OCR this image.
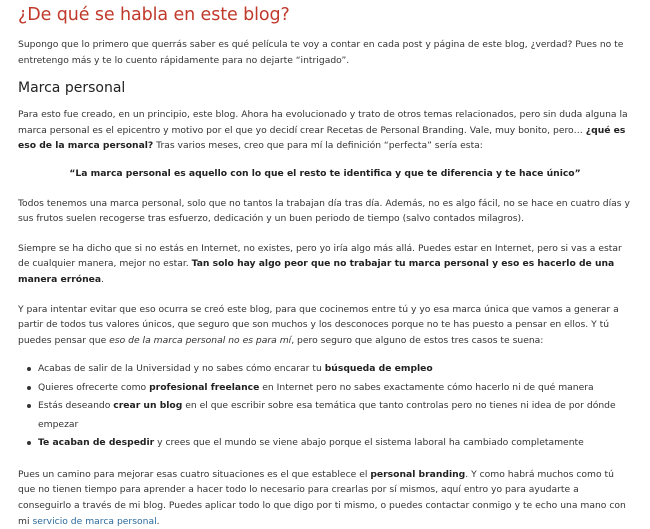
¿De qué se habla en este blog?

Supongo que lo primero que querrás saber es qué película te voy a contar en cada post y página de este blog, ¿verdad? Pues no te entretengo más y te lo cuento rápidamente para no dejarte “intrigado”.

Marca personal

Para esto fue creado, en un principio, este blog. Ahora ha evolucionado y trato de otros temas relacionados, pero sin duda alguna la marca personal es el epicentro y motivo por el que yo decidí crear Recetas de Personal Branding. Vale, muy bonito, pero… ¿qué es eso de la marca personal? Tras varios meses, creo que para mí la definición “perfecta” sería esta:

“La marca personal es aquello con lo que el resto te identifica y que te diferencia y te hace único”

Todos tenemos una marca personal, solo que no tantos la trabajan día tras día. Además, no es algo fácil, no se hace en cuatro días y sus frutos suelen recogerse tras esfuerzo, dedicación y un buen periodo de tiempo (salvo contados milagros).

Siempre se ha dicho que si no estás en Internet, no existes, pero yo iría algo más allá. Puedes estar en Internet, pero si vas a estar de cualquier manera, mejor no estar. Tan solo hay algo peor que no trabajar tu marca personal y eso es hacerlo de una manera errónea.

Y para intentar evitar que eso ocurra se creó este blog, para que cocinemos entre tú y yo esa marca única que vamos a generar a partir de todos tus valores únicos, que seguro que son muchos y los desconoces porque no te has puesto a pensar en ellos. Y tú puedes pensar que eso de la marca personal no es para mí, pero seguro que alguno de estos tres casos te suena:

Acabas de salir de la Universidad y no sabes cómo encarar tu búsqueda de empleo
Quieres ofrecerte como profesional freelance en Internet pero no sabes exactamente cómo hacerlo ni de qué manera
Estás deseando crear un blog en el que escribir sobre esa temática que tanto controlas pero no tienes ni idea de por dónde empezar
Te acaban de despedir y crees que el mundo se viene abajo porque el sistema laboral ha cambiado completamente

Pues un camino para mejorar esas cuatro situaciones es el que establece el personal branding. Y como habrá muchos como tú que no tienen tiempo para aprender a hacer todo lo necesario para crearlas por sí mismos, aquí entro yo para ayudarte a conseguirlo a través de mi blog. Puedes aplicar todo lo que digo por ti mismo, o puedes contactar conmigo y te echo una mano con mi servicio de marca personal.
